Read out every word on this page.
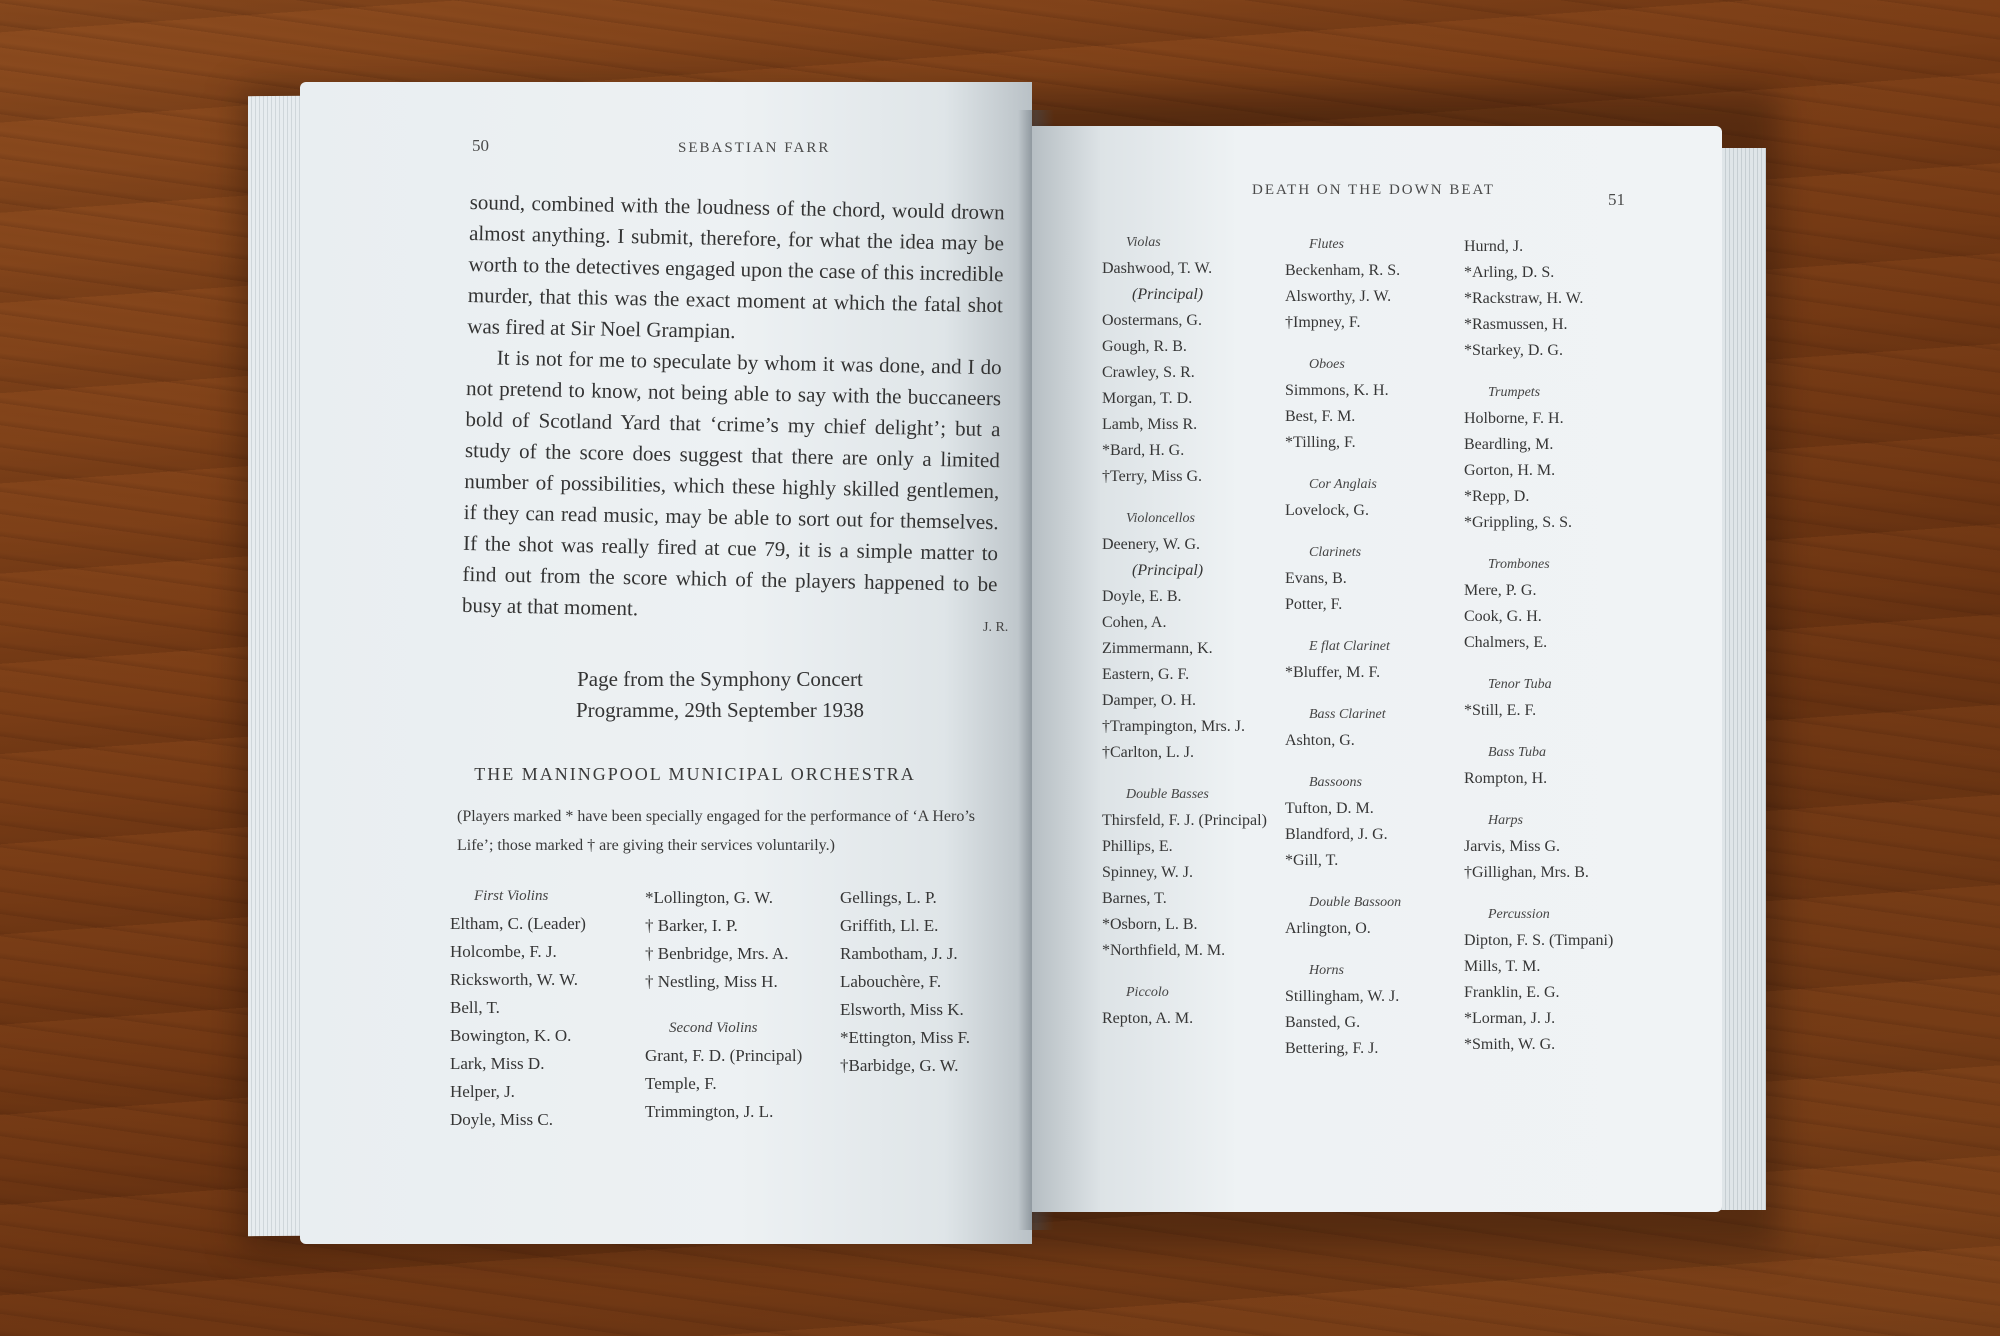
50	SEBASTIAN FARR

sound, combined with the loudness of the chord, would drown almost anything. I submit, therefore, for what the idea may be worth to the detectives engaged upon the case of this incredible murder, that this was the exact moment at which the fatal shot was fired at Sir Noel Grampian.

It is not for me to speculate by whom it was done, and I do not pretend to know, not being able to say with the buccaneers bold of Scotland Yard that ‘crime’s my chief delight’; but a study of the score does suggest that there are only a limited number of possibilities, which these highly skilled gentlemen, if they can read music, may be able to sort out for themselves. If the shot was really fired at cue 79, it is a simple matter to find out from the score which of the players happened to be busy at that moment.

J. R.
Page from the Symphony Concert
Programme, 29th September 1938
THE MANINGPOOL MUNICIPAL ORCHESTRA
(Players marked * have been specially engaged for the performance of ‘A Hero’s Life’; those marked † are giving their services voluntarily.)
First Violins
Eltham, C. (Leader)
Holcombe, F. J.
Ricksworth, W. W.
Bell, T.
Bowington, K. O.
Lark, Miss D.
Helper, J.
Doyle, Miss C.
*Lollington, G. W.
† Barker, I. P.
† Benbridge, Mrs. A.
† Nestling, Miss H.
Second Violins
Grant, F. D. (Principal)
Temple, F.
Trimmington, J. L.
Gellings, L. P.
Griffith, Ll. E.
Rambotham, J. J.
Labouchère, F.
Elsworth, Miss K.
*Ettington, Miss F.
†Barbidge, G. W.
DEATH ON THE DOWN BEAT	51
Violas
Dashwood, T. W.
(Principal)
Oostermans, G.
Gough, R. B.
Crawley, S. R.
Morgan, T. D.
Lamb, Miss R.
*Bard, H. G.
†Terry, Miss G.
Violoncellos
Deenery, W. G.
(Principal)
Doyle, E. B.
Cohen, A.
Zimmermann, K.
Eastern, G. F.
Damper, O. H.
†Trampington, Mrs. J.
†Carlton, L. J.
Double Basses
Thirsfeld, F. J. (Principal)
Phillips, E.
Spinney, W. J.
Barnes, T.
*Osborn, L. B.
*Northfield, M. M.
Piccolo
Repton, A. M.
Flutes
Beckenham, R. S.
Alsworthy, J. W.
†Impney, F.
Oboes
Simmons, K. H.
Best, F. M.
*Tilling, F.
Cor Anglais
Lovelock, G.
Clarinets
Evans, B.
Potter, F.
E flat Clarinet
*Bluffer, M. F.
Bass Clarinet
Ashton, G.
Bassoons
Tufton, D. M.
Blandford, J. G.
*Gill, T.
Double Bassoon
Arlington, O.
Horns
Stillingham, W. J.
Bansted, G.
Bettering, F. J.
Hurnd, J.
*Arling, D. S.
*Rackstraw, H. W.
*Rasmussen, H.
*Starkey, D. G.
Trumpets
Holborne, F. H.
Beardling, M.
Gorton, H. M.
*Repp, D.
*Grippling, S. S.
Trombones
Mere, P. G.
Cook, G. H.
Chalmers, E.
Tenor Tuba
*Still, E. F.
Bass Tuba
Rompton, H.
Harps
Jarvis, Miss G.
†Gillighan, Mrs. B.
Percussion
Dipton, F. S. (Timpani)
Mills, T. M.
Franklin, E. G.
*Lorman, J. J.
*Smith, W. G.
